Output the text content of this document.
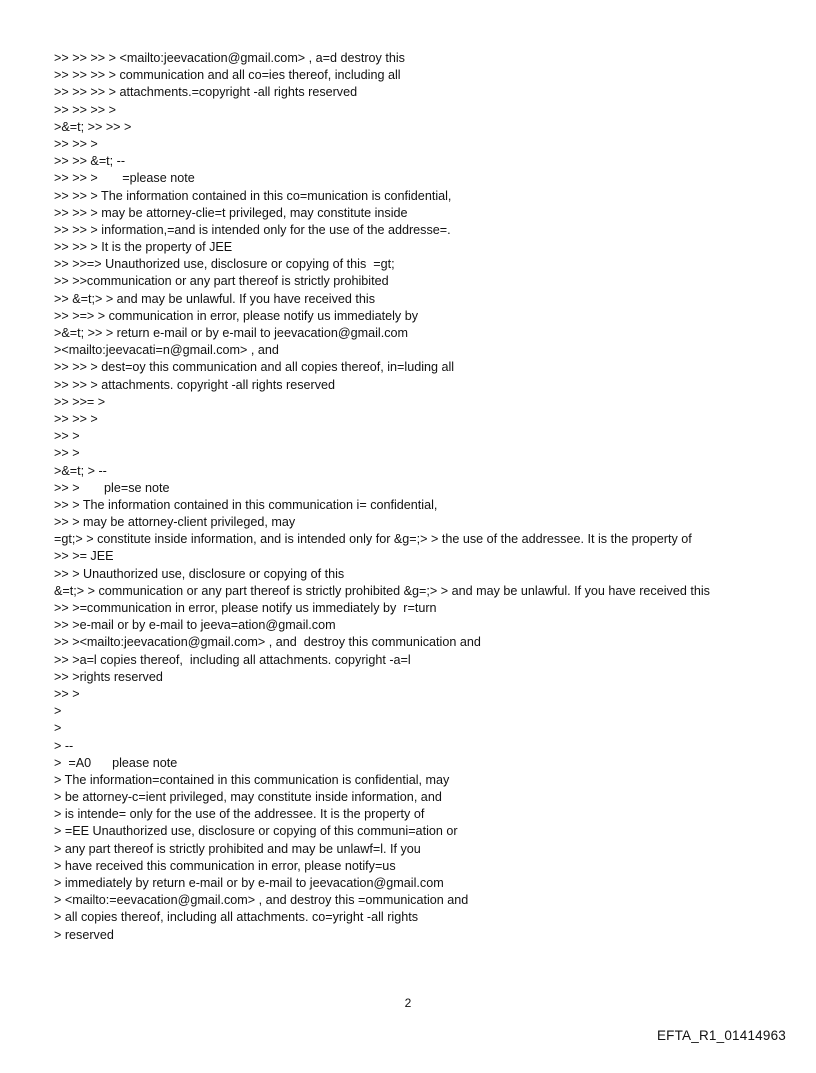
>> >> >> > <mailto:jeevacation@gmail.com> , a=d destroy this
>> >> >> > communication and all co=ies thereof, including all
>> >> >> > attachments.=copyright -all rights reserved
>> >> >> >
>&=t; >> >> >
>> >> >
>> >> &=t; --
>> >> >       =please note
>> >> > The information contained in this co=munication is confidential,
>> >> > may be attorney-clie=t privileged, may constitute inside
>> >> > information,=and is intended only for the use of the addresse=.
>> >> > It is the property of JEE
>> >>=> Unauthorized use, disclosure or copying of this  =gt;
>> >>communication or any part thereof is strictly prohibited
>> &=t;> > and may be unlawful. If you have received this
>> >=> > communication in error, please notify us immediately by
>&=t; >> > return e-mail or by e-mail to jeevacation@gmail.com
><mailto:jeevacati=n@gmail.com> , and
>> >> > dest=oy this communication and all copies thereof, in=luding all
>> >> > attachments. copyright -all rights reserved
>> >>= >
>> >> >
>> >
>> >
>&=t; > --
>> >       ple=se note
>> > The information contained in this communication i= confidential,
>> > may be attorney-client privileged, may
=gt;> > constitute inside information, and is intended only for &g=;> > the use of the addressee. It is the property of
>> >= JEE
>> > Unauthorized use, disclosure or copying of this
&=t;> > communication or any part thereof is strictly prohibited &g=;> > and may be unlawful. If you have received this
>> >=communication in error, please notify us immediately by  r=turn
>> >e-mail or by e-mail to jeeva=ation@gmail.com
>> ><mailto:jeevacation@gmail.com> , and  destroy this communication and
>> >a=l copies thereof,  including all attachments. copyright -a=l
>> >rights reserved
>> >
>
>
> --
>  =A0      please note
> The information=contained in this communication is confidential, may
> be attorney-c=ient privileged, may constitute inside information, and
> is intende= only for the use of the addressee. It is the property of
> =EE Unauthorized use, disclosure or copying of this communi=ation or
> any part thereof is strictly prohibited and may be unlawf=l. If you
> have received this communication in error, please notify=us
> immediately by return e-mail or by e-mail to jeevacation@gmail.com
> <mailto:=eevacation@gmail.com> , and destroy this =ommunication and
> all copies thereof, including all attachments. co=yright -all rights
> reserved
2
EFTA_R1_01414963
